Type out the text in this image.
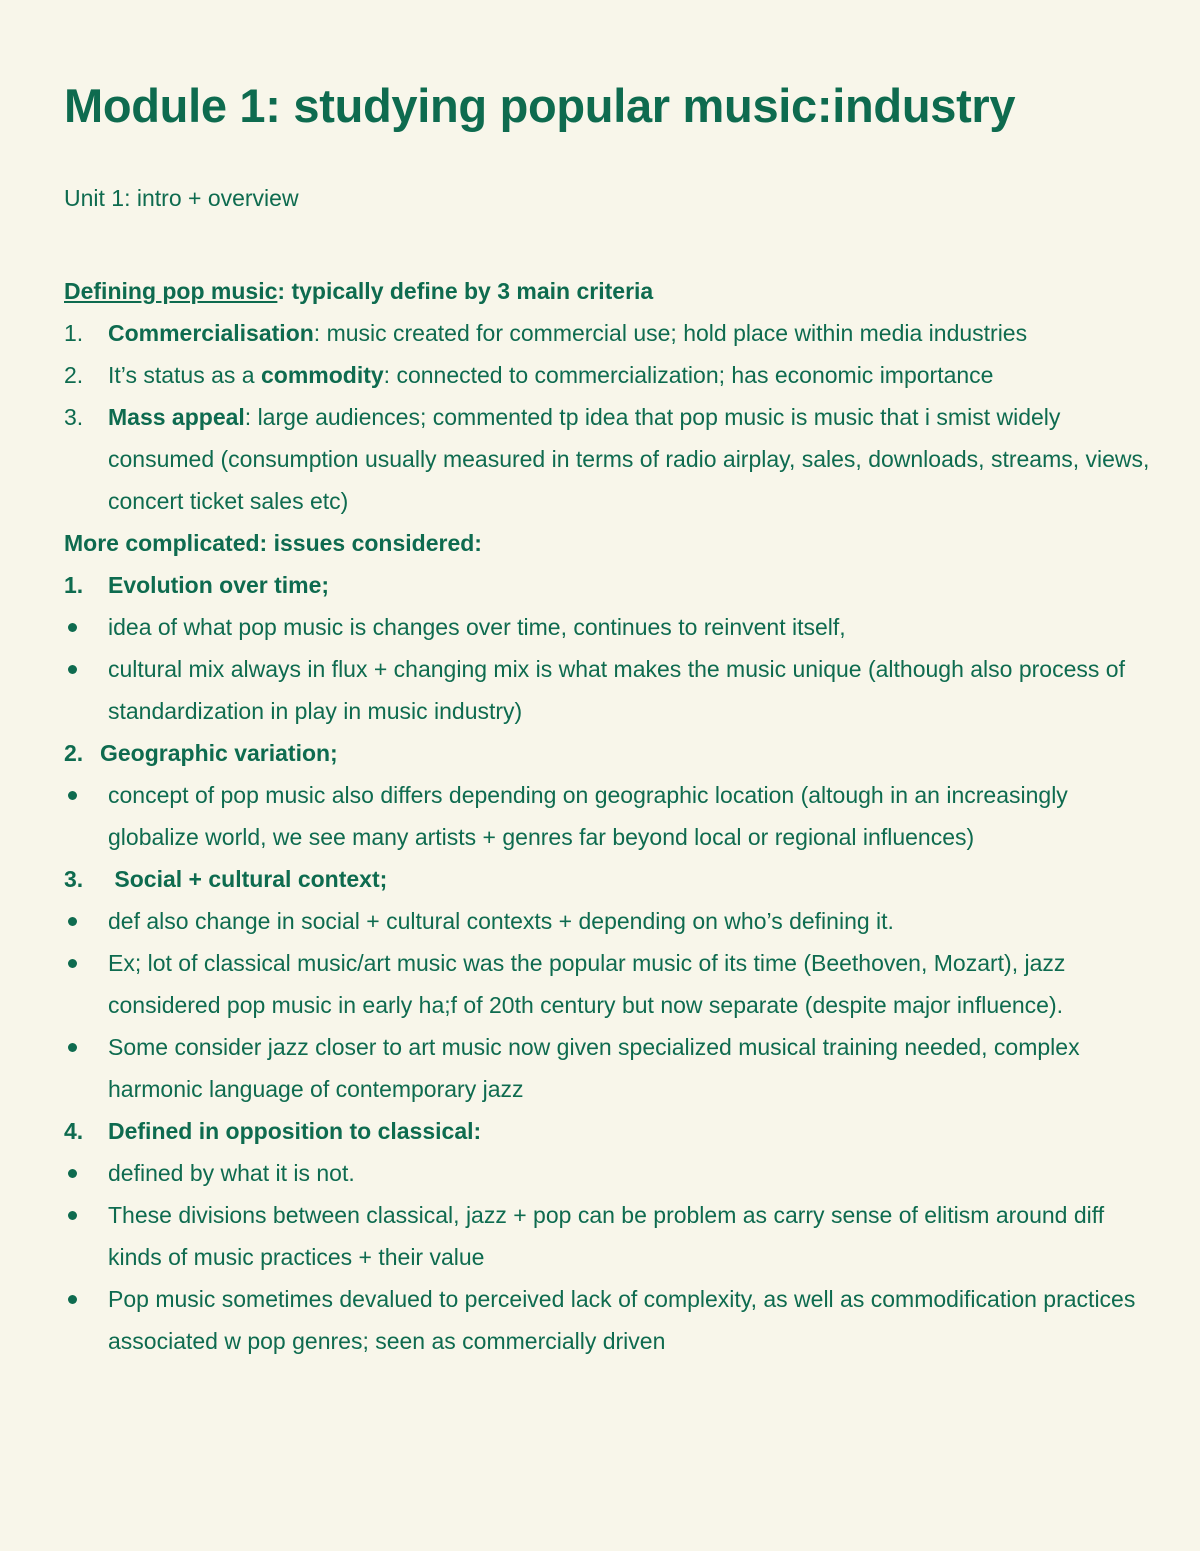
Module 1: studying popular music:industry
Unit 1: intro + overview
Defining pop music: typically define by 3 main criteria
1.	Commercialisation: music created for commercial use; hold place within media industries
2.	It’s status as a commodity: connected to commercialization; has economic importance
3.	Mass appeal: large audiences; commented tp idea that pop music is music that i smist widely consumed (consumption usually measured in terms of radio airplay, sales, downloads, streams, views, concert ticket sales etc)
More complicated: issues considered:
1. Evolution over time;
idea of what pop music is changes over time, continues to reinvent itself,
cultural mix always in flux + changing mix is what makes the music unique (although also process of standardization in play in music industry)
2. Geographic variation;
concept of pop music also differs depending on geographic location (altough in an increasingly globalize world, we see many artists + genres far beyond local or regional influences)
3. Social + cultural context;
def also change in social + cultural contexts + depending on who’s defining it.
Ex; lot of classical music/art music was the popular music of its time (Beethoven, Mozart), jazz considered pop music in early ha;f of 20th century but now separate (despite major influence).
Some consider jazz closer to art music now given specialized musical training needed, complex harmonic language of contemporary jazz
4. Defined in opposition to classical:
defined by what it is not.
These divisions between classical, jazz + pop can be problem as carry sense of elitism around diff kinds of music practices + their value
Pop music sometimes devalued to perceived lack of complexity, as well as commodification practices associated w pop genres; seen as commercially driven
